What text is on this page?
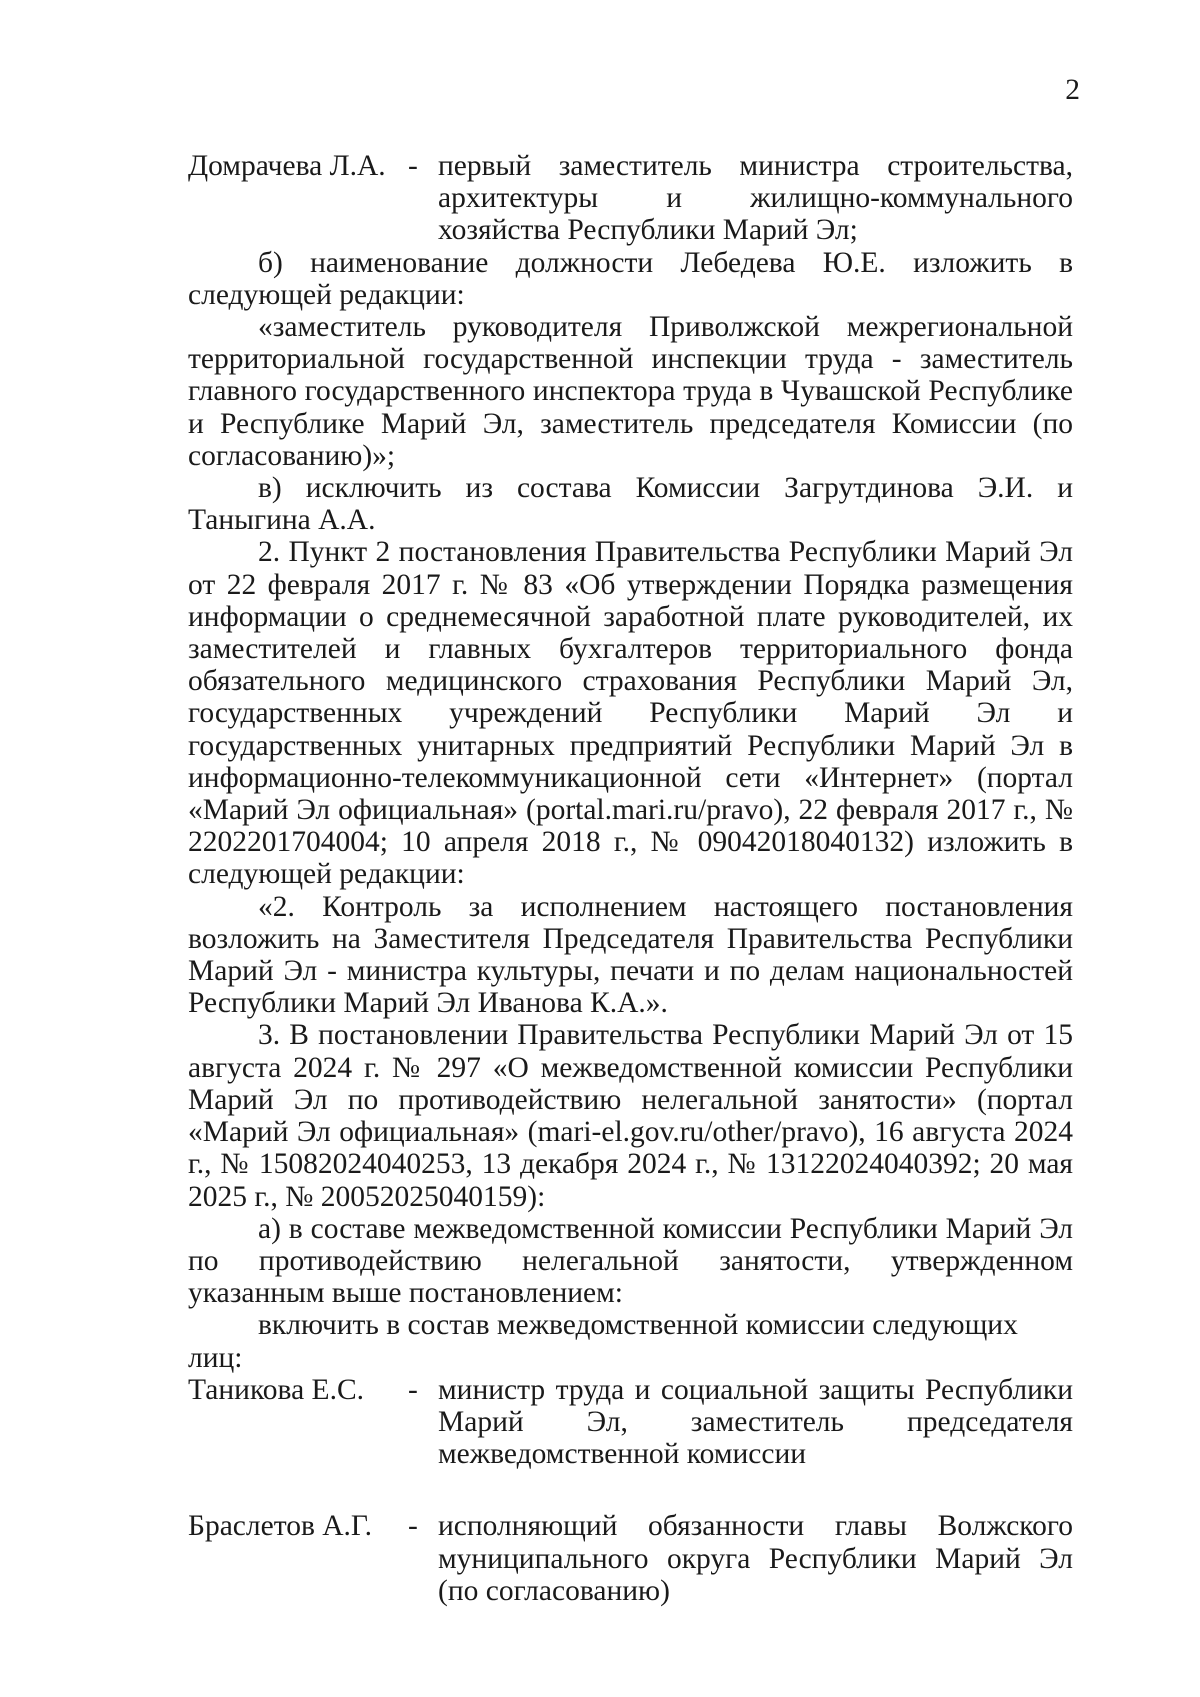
2
Домрачева Л.А. - первый заместитель министра строительства, архитектуры и жилищно-коммунального хозяйства Республики Марий Эл;

б) наименование должности Лебедева Ю.Е. изложить в следующей редакции:

«заместитель руководителя Приволжской межрегиональной территориальной государственной инспекции труда - заместитель главного государственного инспектора труда в Чувашской Республике и Республике Марий Эл, заместитель председателя Комиссии (по согласованию)»;

в) исключить из состава Комиссии Загрутдинова Э.И. и Таныгина А.А.

2. Пункт 2 постановления Правительства Республики Марий Эл от 22 февраля 2017 г. № 83 «Об утверждении Порядка размещения информации о среднемесячной заработной плате руководителей, их заместителей и главных бухгалтеров территориального фонда обязательного медицинского страхования Республики Марий Эл, государственных учреждений Республики Марий Эл и государственных унитарных предприятий Республики Марий Эл в информационно-телекоммуникационной сети «Интернет» (портал «Марий Эл официальная» (portal.mari.ru/pravo), 22 февраля 2017 г., № 2202201704004; 10 апреля 2018 г., № 09042018040132) изложить в следующей редакции:

«2. Контроль за исполнением настоящего постановления возложить на Заместителя Председателя Правительства Республики Марий Эл - министра культуры, печати и по делам национальностей Республики Марий Эл Иванова К.А.».

3. В постановлении Правительства Республики Марий Эл от 15 августа 2024 г. № 297 «О межведомственной комиссии Республики Марий Эл по противодействию нелегальной занятости» (портал «Марий Эл официальная» (mari-el.gov.ru/other/pravo), 16 августа 2024 г., № 15082024040253, 13 декабря 2024 г., № 13122024040392; 20 мая 2025 г., № 20052025040159):

а) в составе межведомственной комиссии Республики Марий Эл по противодействию нелегальной занятости, утвержденном указанным выше постановлением:

включить в состав межведомственной комиссии следующих лиц:

Таникова Е.С.	- министр труда и социальной защиты Республики Марий Эл, заместитель председателя межведомственной комиссии
Браслетов А.Г.	- исполняющий обязанности главы Волжского муниципального округа Республики Марий Эл (по согласованию)
